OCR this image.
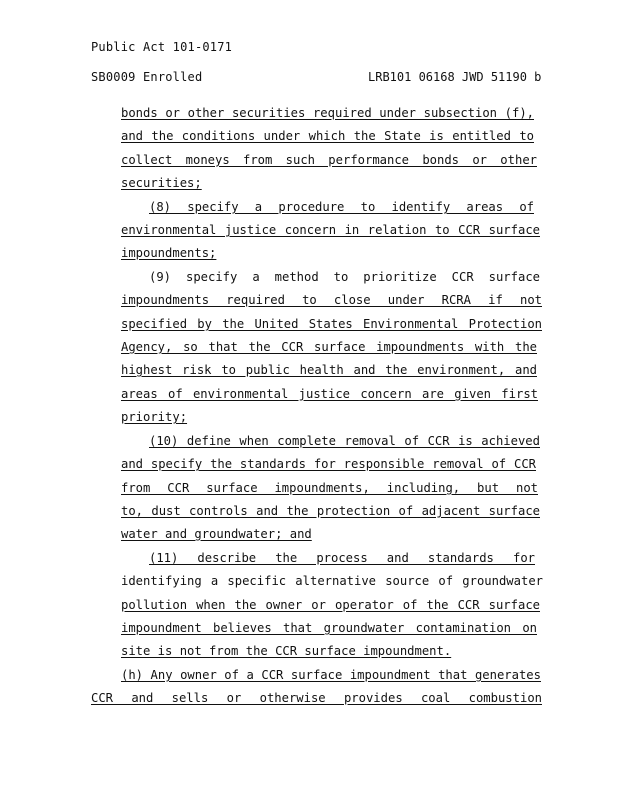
Public Act 101-0171
SB0009 Enrolled	LRB101 06168 JWD 51190 b
bonds or other securities required under subsection (f),
and the conditions under which the State is entitled to
collect moneys from such performance bonds or other
securities;
(8) specify a procedure to identify areas of
environmental justice concern in relation to CCR surface
impoundments;
(9) specify a method to prioritize CCR surface
impoundments required to close under RCRA if not
specified by the United States Environmental Protection
Agency, so that the CCR surface impoundments with the
highest risk to public health and the environment, and
areas of environmental justice concern are given first
priority;
(10) define when complete removal of CCR is achieved
and specify the standards for responsible removal of CCR
from CCR surface impoundments, including, but not
to, dust controls and the protection of adjacent surface
water and groundwater; and
(11) describe the process and standards for
identifying a specific alternative source of groundwater
pollution when the owner or operator of the CCR surface
impoundment believes that groundwater contamination on
site is not from the CCR surface impoundment.
(h) Any owner of a CCR surface impoundment that generates
CCR and sells or otherwise provides coal combustion
